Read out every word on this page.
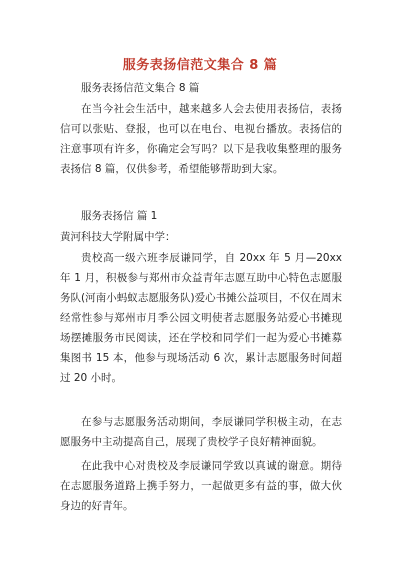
服务表扬信范文集合 8 篇

服务表扬信范文集合 8 篇

在当今社会生活中，越来越多人会去使用表扬信，表扬信可以张贴、登报，也可以在电台、电视台播放。表扬信的注意事项有许多，你确定会写吗？以下是我收集整理的服务表扬信 8 篇，仅供参考，希望能够帮助到大家。

服务表扬信 篇 1

黄河科技大学附属中学：

贵校高一级六班李辰谦同学，自 20xx 年 5 月—20xx 年 1 月，积极参与郑州市众益青年志愿互助中心特色志愿服务队(河南小蚂蚁志愿服务队)爱心书摊公益项目，不仅在周末经常性参与郑州市月季公园文明使者志愿服务站爱心书摊现场摆摊服务市民阅读，还在学校和同学们一起为爱心书摊募集图书 15 本，他参与现场活动 6 次，累计志愿服务时间超过 20 小时。

在参与志愿服务活动期间，李辰谦同学积极主动，在志愿服务中主动提高自己，展现了贵校学子良好精神面貌。

在此我中心对贵校及李辰谦同学致以真诚的谢意。期待在志愿服务道路上携手努力，一起做更多有益的事，做大伙身边的好青年。
